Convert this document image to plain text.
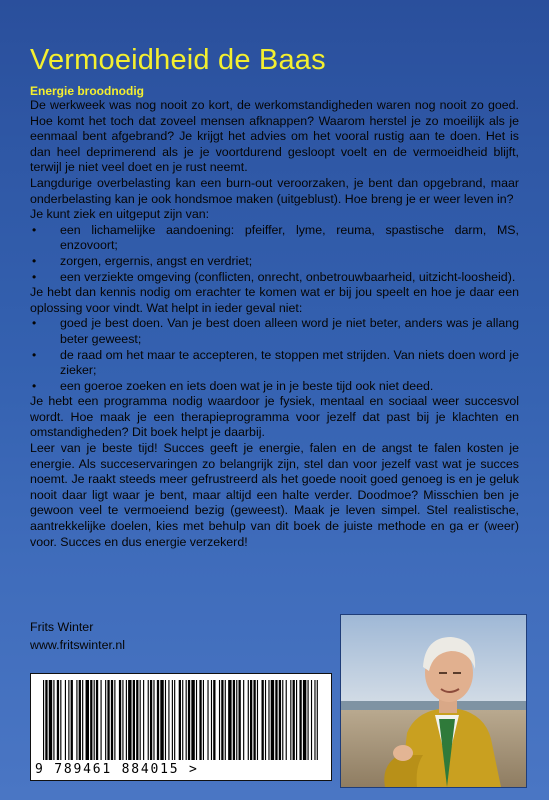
Vermoeidheid de Baas
Energie broodnodig

De werkweek was nog nooit zo kort, de werkomstandigheden waren nog nooit zo goed. Hoe komt het toch dat zoveel mensen afknappen? Waarom herstel je zo moeilijk als je eenmaal bent afgebrand? Je krijgt het advies om het vooral rustig aan te doen. Het is dan heel deprimerend als je je voortdurend gesloopt voelt en de vermoeidheid blijft, terwijl je niet veel doet en je rust neemt.

Langdurige overbelasting kan een burn-out veroorzaken, je bent dan opgebrand, maar onderbelasting kan je ook hondsmoe maken (uitgeblust). Hoe breng je er weer leven in?

Je kunt ziek en uitgeput zijn van:

• een lichamelijke aandoening: pfeiffer, lyme, reuma, spastische darm, MS, enzovoort;
• zorgen, ergernis, angst en verdriet;
• een verziekte omgeving (conflicten, onrecht, onbetrouwbaarheid, uitzicht-loosheid).

Je hebt dan kennis nodig om erachter te komen wat er bij jou speelt en hoe je daar een oplossing voor vindt. Wat helpt in ieder geval niet:

• goed je best doen. Van je best doen alleen word je niet beter, anders was je allang beter geweest;
• de raad om het maar te accepteren, te stoppen met strijden. Van niets doen word je zieker;
• een goeroe zoeken en iets doen wat je in je beste tijd ook niet deed.

Je hebt een programma nodig waardoor je fysiek, mentaal en sociaal weer succesvol wordt. Hoe maak je een therapieprogramma voor jezelf dat past bij je klachten en omstandigheden? Dit boek helpt je daarbij.

Leer van je beste tijd! Succes geeft je energie, falen en de angst te falen kosten je energie. Als succeservaringen zo belangrijk zijn, stel dan voor jezelf vast wat je succes noemt. Je raakt steeds meer gefrustreerd als het goede nooit goed genoeg is en je geluk nooit daar ligt waar je bent, maar altijd een halte verder. Doodmoe? Misschien ben je gewoon veel te vermoeiend bezig (geweest). Maak je leven simpel. Stel realistische, aantrekkelijke doelen, kies met behulp van dit boek de juiste methode en ga er (weer) voor. Succes en dus energie verzekerd!

Frits Winter
www.fritswinter.nl
9 789461 884015 >
